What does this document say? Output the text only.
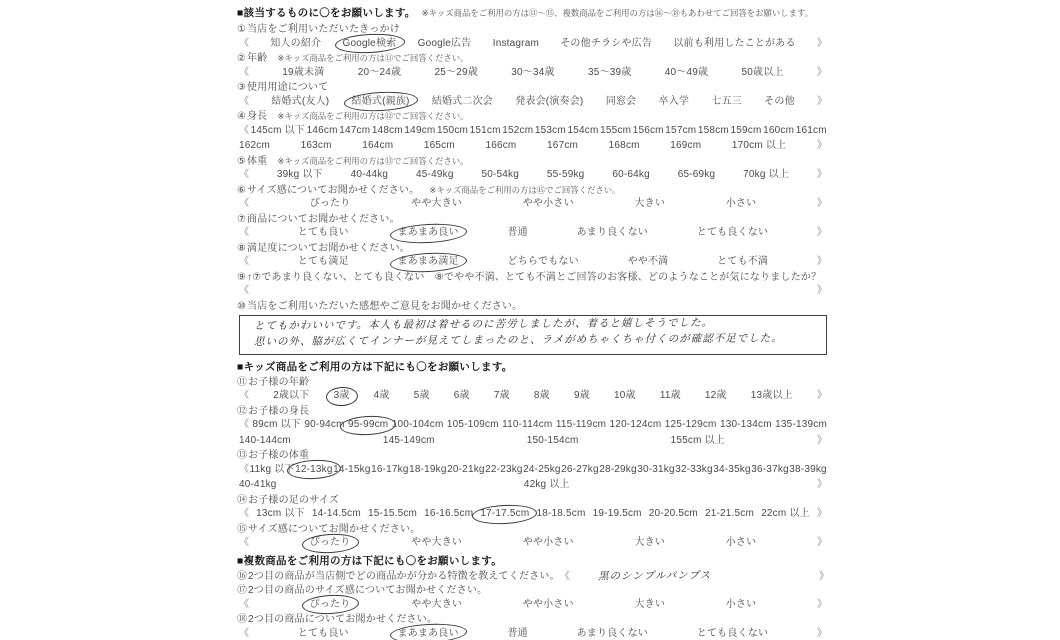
■該当するものに〇をお願いします。 ※キッズ商品をご利用の方は⑪〜⑮、複数商品をご利用の方は⑯〜⑱もあわせてご回答をお願いします。
① 当店をご利用いただいたきっかけ
《 知人の紹介 Google検索 Google広告 Instagram その他チラシや広告 以前も利用したことがある 》
② 年齢 ※キッズ商品をご利用の方は⑪でご回答ください。
《	19歳未満	20〜24歳	25〜29歳	30〜34歳	35〜39歳	40〜49歳	50歳以上	》
③ 使用用途について
《 結婚式(友人) 結婚式(親族) 結婚式二次会 発表会(演奏会) 同窓会 卒入学 七五三 その他 》
④ 身長 ※キッズ商品をご利用の方は⑫でご回答ください。
《 145cm 以下 146cm 147cm 148cm 149cm 150cm 151cm 152cm 153cm 154cm 155cm 156cm 157cm 158cm 159cm 160cm 161cm
162cm	163cm	164cm	165cm	166cm	167cm	168cm	169cm	170cm 以上	》
⑤ 体重 ※キッズ商品をご利用の方は⑬でご回答ください。
《	39kg 以下	40-44kg	45-49kg	50-54kg	55-59kg	60-64kg	65-69kg	70kg 以上	》
⑥ サイズ感についてお聞かせください。 ※キッズ商品をご利用の方は⑮でご回答ください。
《	ぴったり	やや大きい	やや小さい	大きい	小さい	》
⑦ 商品についてお聞かせください。
《	とても良い	まあまあ良い	普通	あまり良くない	とても良くない	》
⑧ 満足度についてお聞かせください。
《	とても満足	まあまあ満足	どちらでもない	やや不満	とても不満	》
⑨ ↑⑦であまり良くない、とても良くない　⑧でやや不満、とても不満とご回答のお客様、どのようなことが気になりましたか？
《	》
⑩ 当店をご利用いただいた感想やご意見をお聞かせください。
とてもかわいいです。本人も最初は着せるのに苦労しましたが、着ると嬉しそうでした。
思いの外、脇が広くてインナーが見えてしまったのと、ラメがめちゃくちゃ付くのが確認不足でした。
■キッズ商品をご利用の方は下記にも〇をお願いします。
⑪ お子様の年齢
《 2歳以下 3歳 4歳 5歳 6歳 7歳 8歳 9歳 10歳 11歳 12歳 13歳以上 》
⑫ お子様の身長
《 89cm 以下 90-94cm 95-99cm 100-104cm 105-109cm 110-114cm 115-119cm 120-124cm 125-129cm 130-134cm 135-139cm
140-144cm	145-149cm	150-154cm	155cm 以上	》
⑬ お子様の体重
《 11kg 以下 12-13kg 14-15kg 16-17kg 18-19kg 20-21kg 22-23kg 24-25kg 26-27kg 28-29kg 30-31kg 32-33kg 34-35kg 36-37kg 38-39kg
40-41kg	42kg 以上	》
⑭ お子様の足のサイズ
《 13cm 以下 14-14.5cm 15-15.5cm 16-16.5cm 17-17.5cm 18-18.5cm 19-19.5cm 20-20.5cm 21-21.5cm 22cm 以上 》
⑮ サイズ感についてお聞かせください。
《	ぴったり	やや大きい	やや小さい	大きい	小さい	》
■複数商品をご利用の方は下記にも〇をお願いします。
⑯ 2つ目の商品が当店側でどの商品かが分かる特徴を教えてください。 《	黒のシンプルパンプス	》
⑰ 2つ目の商品のサイズ感についてお聞かせください。
《	ぴったり	やや大きい	やや小さい	大きい	小さい	》
⑱ 2つ目の商品についてお聞かせください。
《	とても良い	まあまあ良い	普通	あまり良くない	とても良くない	》
